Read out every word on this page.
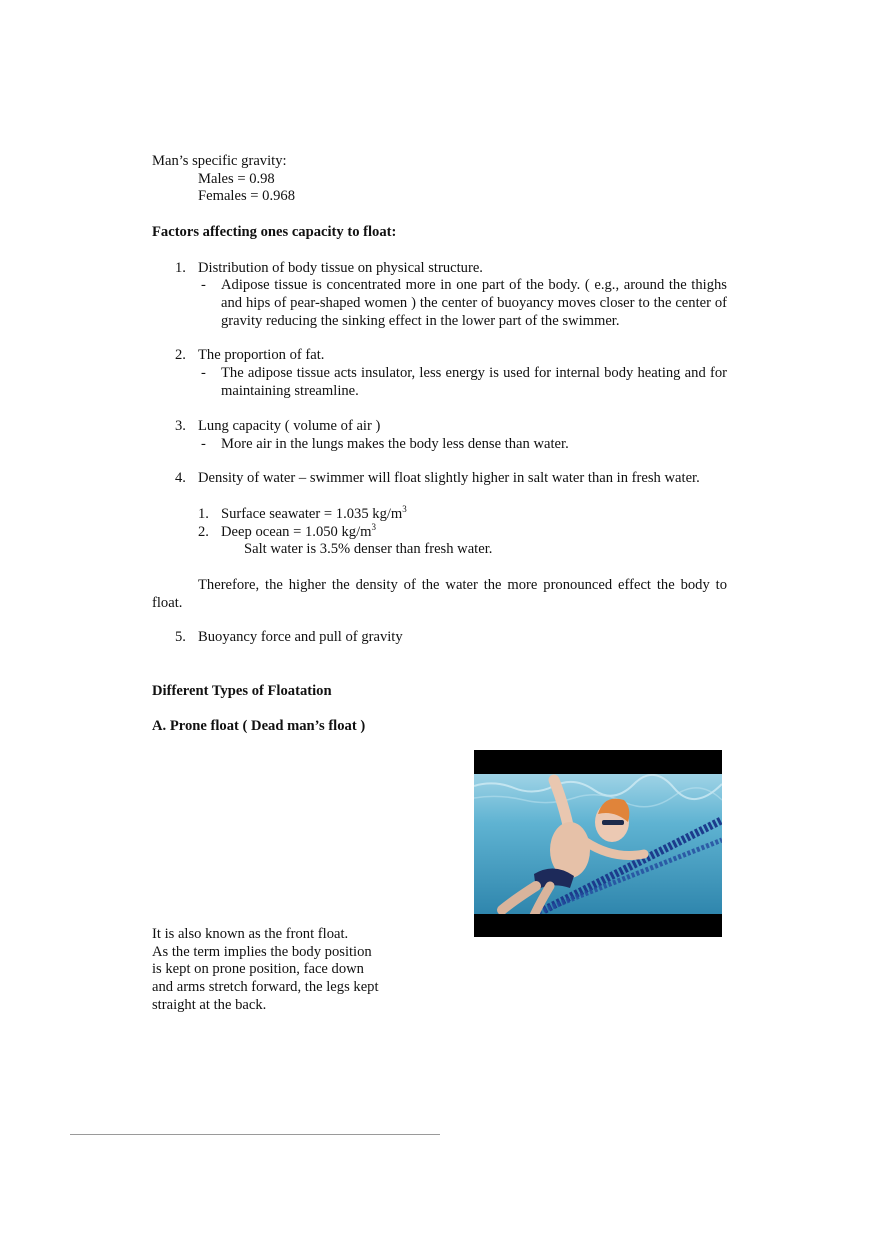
Man’s specific gravity:
Males = 0.98
Females = 0.968
Factors affecting ones capacity to float:
1. Distribution of body tissue on physical structure.
- Adipose tissue is concentrated more in one part of the body. ( e.g., around the thighs and hips of pear-shaped women ) the center of buoyancy moves closer to the center of gravity reducing the sinking effect in the lower part of the swimmer.
2. The proportion of fat.
- The adipose tissue acts insulator, less energy is used for internal body heating and for maintaining streamline.
3. Lung capacity ( volume of air )
- More air in the lungs makes the body less dense than water.
4. Density of water – swimmer will float slightly higher in salt water than in fresh water.
1. Surface seawater = 1.035 $kg/m^3$
2. Deep ocean = 1.050 $kg/m^3$
Salt water is 3.5% denser than fresh water.
Therefore, the higher the density of the water the more pronounced effect the body to float.
5. Buoyancy force and pull of gravity
Different Types of Floatation
A. Prone float ( Dead man’s float )
It is also known as the front float.
As the term implies the body position
is kept on prone position, face down
and arms stretch forward, the legs kept
straight at the back.
